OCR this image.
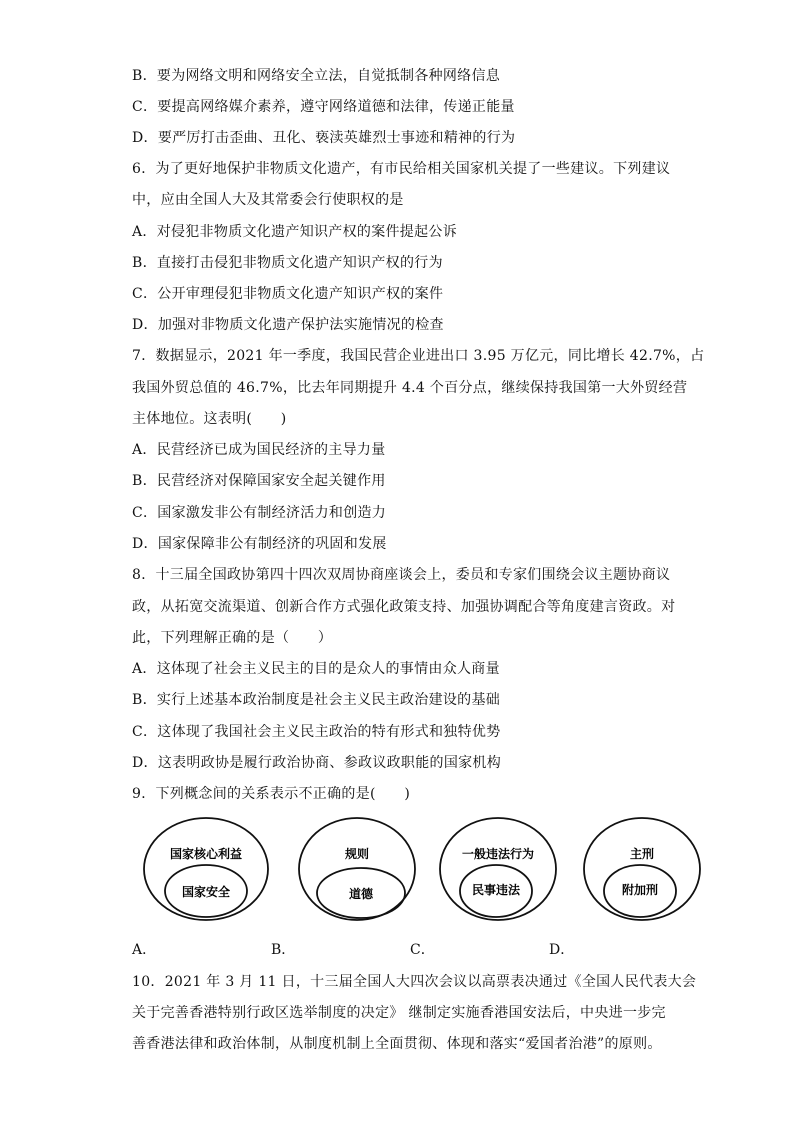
B．要为网络文明和网络安全立法，自觉抵制各种网络信息
C．要提高网络媒介素养，遵守网络道德和法律，传递正能量
D．要严厉打击歪曲、丑化、亵渎英雄烈士事迹和精神的行为
6．为了更好地保护非物质文化遗产，有市民给相关国家机关提了一些建议。下列建议
中，应由全国人大及其常委会行使职权的是
A．对侵犯非物质文化遗产知识产权的案件提起公诉
B．直接打击侵犯非物质文化遗产知识产权的行为
C．公开审理侵犯非物质文化遗产知识产权的案件
D．加强对非物质文化遗产保护法实施情况的检查
7．数据显示，2021 年一季度，我国民营企业进出口 3.95 万亿元，同比增长 42.7%，占
我国外贸总值的 46.7%，比去年同期提升 4.4 个百分点，继续保持我国第一大外贸经营
主体地位。这表明(　　)
A．民营经济已成为国民经济的主导力量
B．民营经济对保障国家安全起关键作用
C．国家激发非公有制经济活力和创造力
D．国家保障非公有制经济的巩固和发展
8．十三届全国政协第四十四次双周协商座谈会上，委员和专家们围绕会议主题协商议
政，从拓宽交流渠道、创新合作方式强化政策支持、加强协调配合等角度建言资政。对
此，下列理解正确的是（　　）
A．这体现了社会主义民主的目的是众人的事情由众人商量
B．实行上述基本政治制度是社会主义民主政治建设的基础
C．这体现了我国社会主义民主政治的特有形式和独特优势
D．这表明政协是履行政治协商、参政议政职能的国家机构
9．下列概念间的关系表示不正确的是(　　)
国家核心利益
国家安全
规则
道德
一般违法行为
民事违法
主刑
附加刑
A．	B．	C．	D．
10．2021 年 3 月 11 日，十三届全国人大四次会议以高票表决通过《全国人民代表大会
关于完善香港特别行政区选举制度的决定》 继制定实施香港国安法后，中央进一步完
善香港法律和政治体制，从制度机制上全面贯彻、体现和落实“爱国者治港”的原则。
